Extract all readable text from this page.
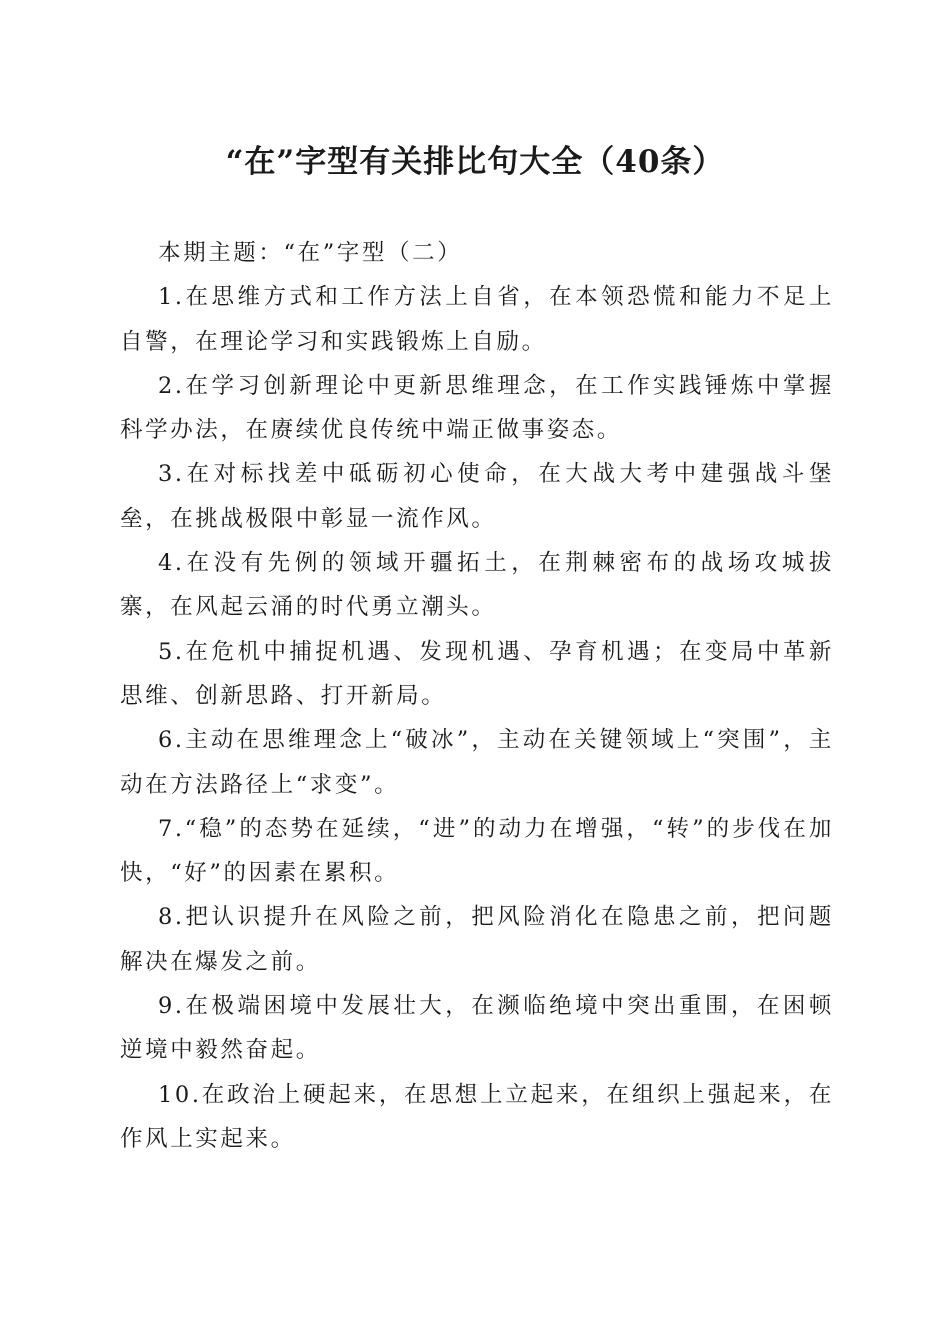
“在”字型有关排比句大全（40条）

本期主题：“在”字型（二）

1.在思维方式和工作方法上自省，在本领恐慌和能力不足上自警，在理论学习和实践锻炼上自励。

2.在学习创新理论中更新思维理念，在工作实践锤炼中掌握科学办法，在赓续优良传统中端正做事姿态。

3.在对标找差中砥砺初心使命，在大战大考中建强战斗堡垒，在挑战极限中彰显一流作风。

4.在没有先例的领域开疆拓土，在荆棘密布的战场攻城拔寨，在风起云涌的时代勇立潮头。

5.在危机中捕捉机遇、发现机遇、孕育机遇；在变局中革新思维、创新思路、打开新局。

6.主动在思维理念上“破冰”，主动在关键领域上“突围”，主动在方法路径上“求变”。

7.“稳”的态势在延续，“进”的动力在增强，“转”的步伐在加快，“好”的因素在累积。

8.把认识提升在风险之前，把风险消化在隐患之前，把问题解决在爆发之前。

9.在极端困境中发展壮大，在濒临绝境中突出重围，在困顿逆境中毅然奋起。

10.在政治上硬起来，在思想上立起来，在组织上强起来，在作风上实起来。
